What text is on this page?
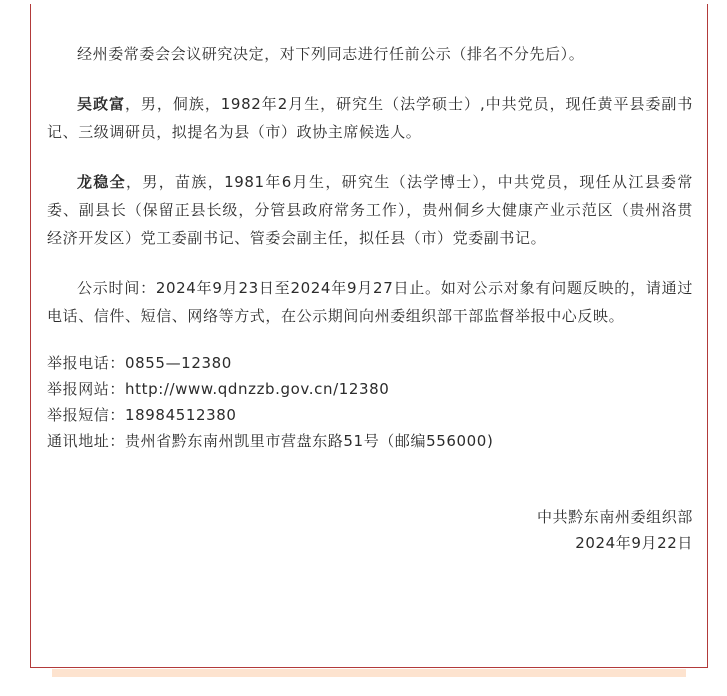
经州委常委会会议研究决定，对下列同志进行任前公示（排名不分先后）。

吴政富，男，侗族，1982年2月生，研究生（法学硕士）,中共党员，现任黄平县委副书记、三级调研员，拟提名为县（市）政协主席候选人。

龙稳全，男，苗族，1981年6月生，研究生（法学博士），中共党员，现任从江县委常委、副县长（保留正县长级，分管县政府常务工作），贵州侗乡大健康产业示范区（贵州洛贯经济开发区）党工委副书记、管委会副主任，拟任县（市）党委副书记。

公示时间：2024年9月23日至2024年9月27日止。如对公示对象有问题反映的，请通过电话、信件、短信、网络等方式，在公示期间向州委组织部干部监督举报中心反映。

举报电话：0855—12380

举报网站：http://www.qdnzzb.gov.cn/12380

举报短信：18984512380

通讯地址：贵州省黔东南州凯里市营盘东路51号（邮编556000)

中共黔东南州委组织部

2024年9月22日
